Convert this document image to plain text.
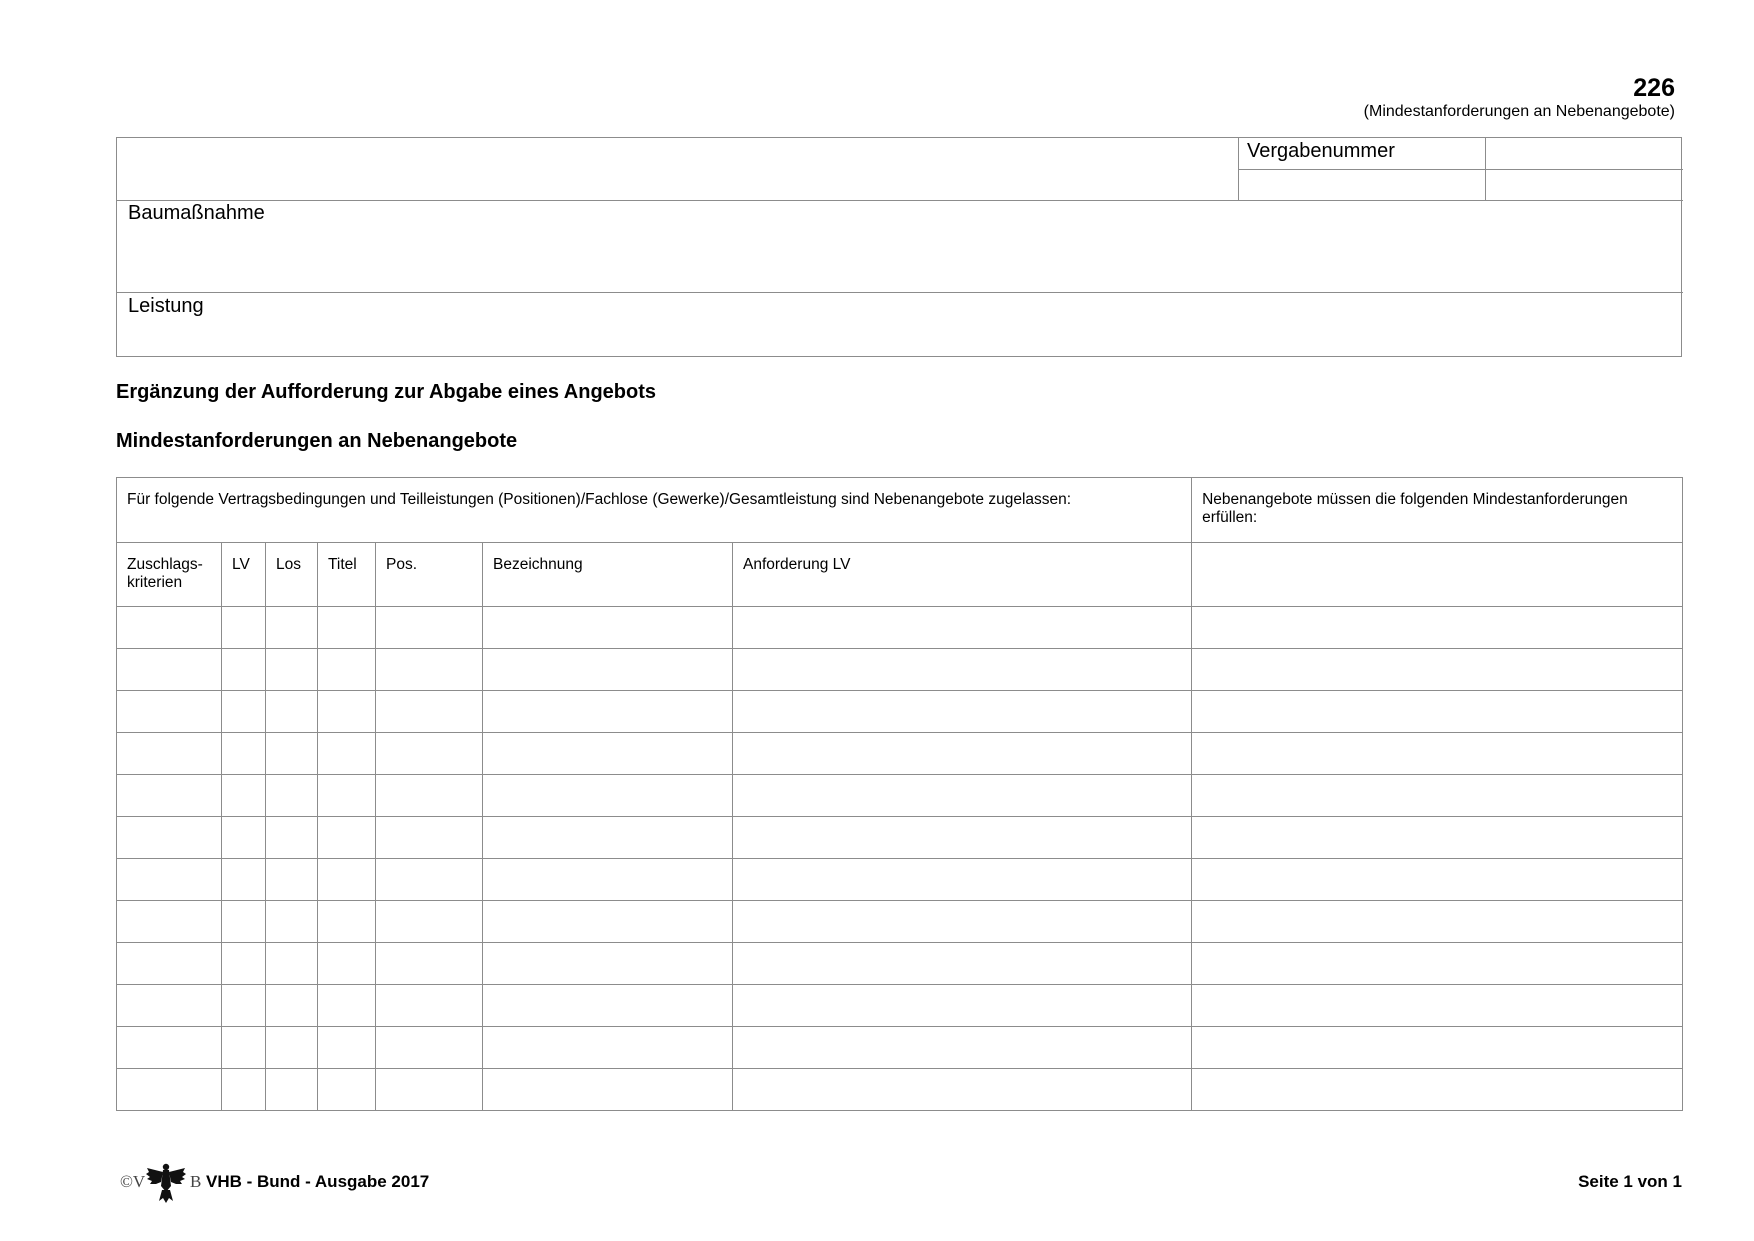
226
(Mindestanforderungen an Nebenangebote)
Vergabenummer
Baumaßnahme
Leistung
Ergänzung der Aufforderung zur Abgabe eines Angebots
Mindestanforderungen an Nebenangebote
Für folgende Vertragsbedingungen und Teilleistungen (Positionen)/Fachlose (Gewerke)/Gesamtleistung sind Nebenangebote zugelassen:							Nebenangebote müssen die folgenden Mindestanforderungen erfüllen:

Zuschlags-
kriterien	LV	Los	Titel	Pos.	Bezeichnung	Anforderung LV	

©V	B VHB - Bund - Ausgabe 2017	Seite 1 von 1
